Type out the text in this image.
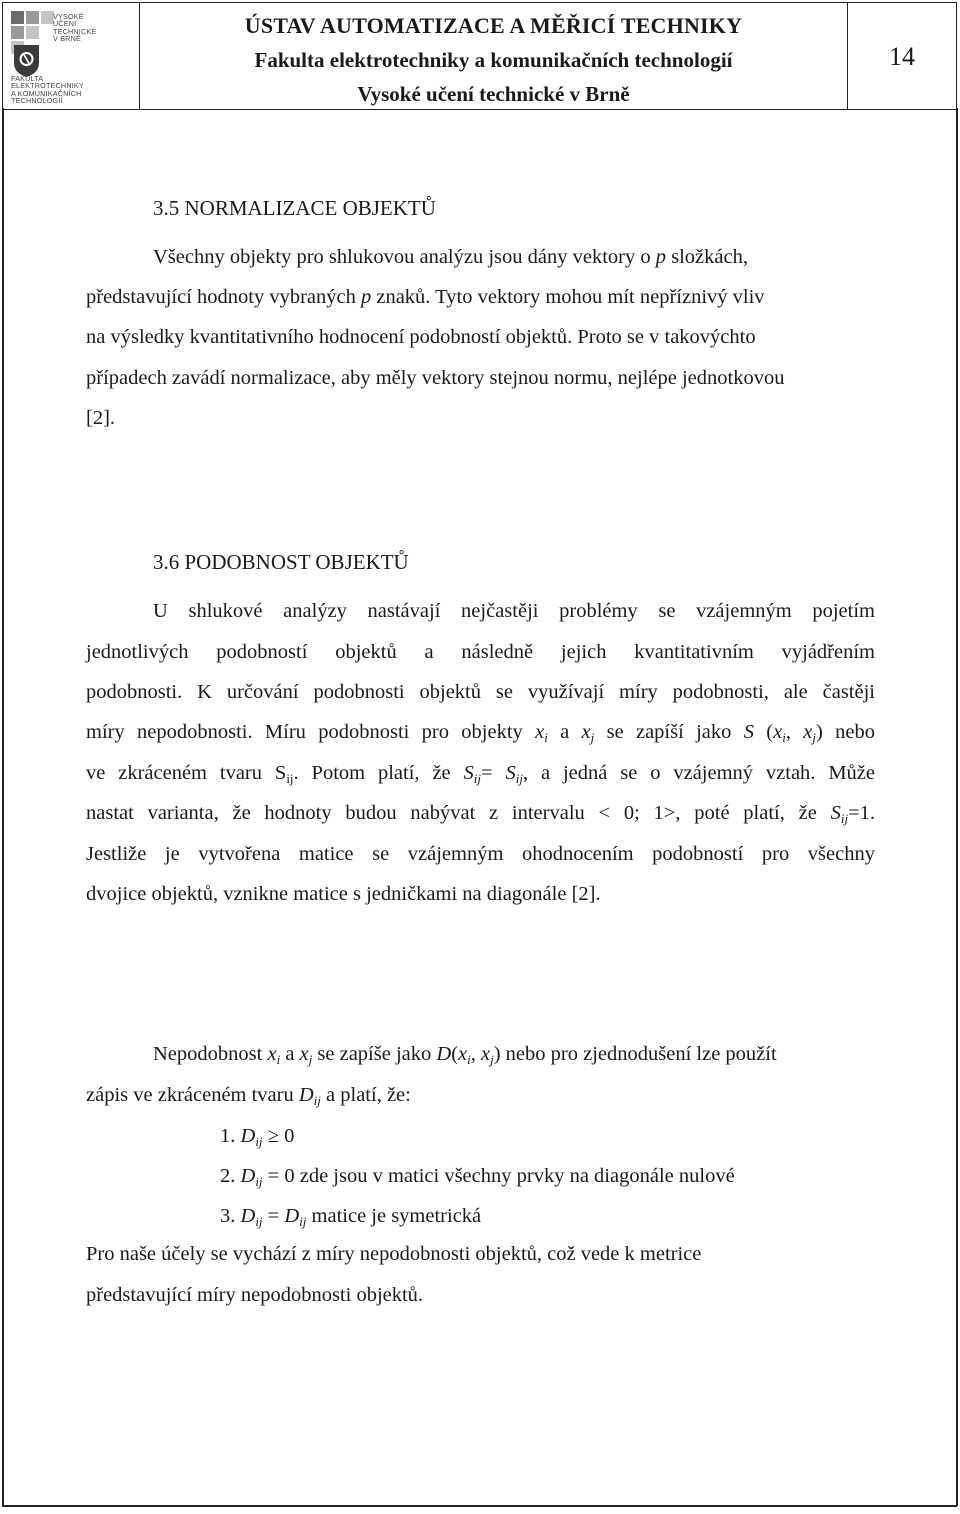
VYSOKÉ
UČENÍ
TECHNICKÉ
V BRNĚ
FAKULTA
ELEKTROTECHNIKY
A KOMUNIKAČNÍCH
TECHNOLOGIÍ
ÚSTAV AUTOMATIZACE A MĚŘICÍ TECHNIKY
Fakulta elektrotechniky a komunikačních technologií
Vysoké učení technické v Brně
14
3.5 NORMALIZACE OBJEKTŮ
Všechny objekty pro shlukovou analýzu jsou dány vektory o p složkách,
představující hodnoty vybraných p znaků. Tyto vektory mohou mít nepříznivý vliv
na výsledky kvantitativního hodnocení podobností objektů. Proto se v takovýchto
případech zavádí normalizace, aby měly vektory stejnou normu, nejlépe jednotkovou
[2].
3.6 PODOBNOST OBJEKTŮ
U shlukové analýzy nastávají nejčastěji problémy se vzájemným pojetím
jednotlivých podobností objektů a následně jejich kvantitativním vyjádřením
podobnosti. K určování podobnosti objektů se využívají míry podobnosti, ale častěji
míry nepodobnosti. Míru podobnosti pro objekty $x_i$ a $x_j$ se zapíší jako S ($x_i$, $x_j$) nebo
ve zkráceném tvaru $S_{ij}$. Potom platí, že $S_{ij}= S_{ij}$, a jedná se o vzájemný vztah. Může
nastat varianta, že hodnoty budou nabývat z intervalu < 0; 1>, poté platí, že $S_{ij}=1$.
Jestliže je vytvořena matice se vzájemným ohodnocením podobností pro všechny
dvojice objektů, vznikne matice s jedničkami na diagonále [2].
Nepodobnost $x_i$ a $x_j$ se zapíše jako $D(x_i$, $x_j$) nebo pro zjednodušení lze použít
zápis ve zkráceném tvaru $D_{ij}$ a platí, že:
1. $D_{ij} \ge 0$
2. $D_{ij} = 0$ zde jsou v matici všechny prvky na diagonále nulové
3. $D_{ij} = D_{ij}$ matice je symetrická
Pro naše účely se vychází z míry nepodobnosti objektů, což vede k metrice
představující míry nepodobnosti objektů.
